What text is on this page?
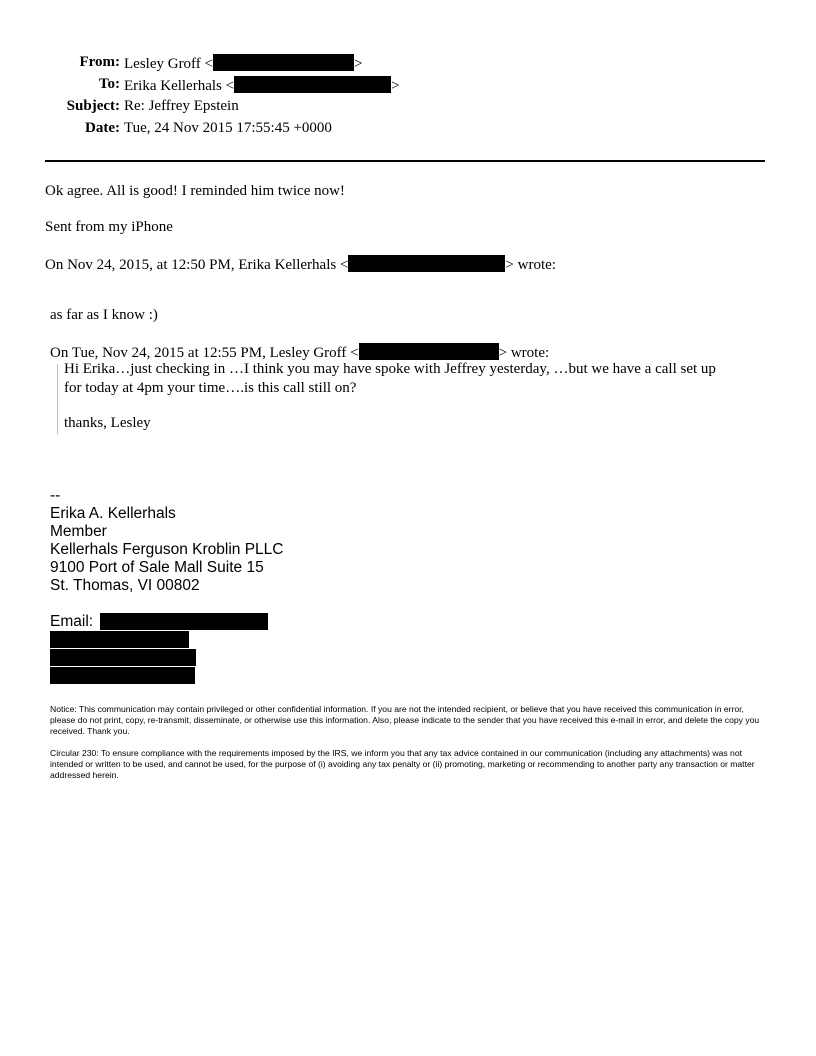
From: Lesley Groff <	>
To: Erika Kellerhals <	>
Subject: Re: Jeffrey Epstein
Date: Tue, 24 Nov 2015 17:55:45 +0000
Ok agree. All is good! I reminded him twice now!
Sent from my iPhone
On Nov 24, 2015, at 12:50 PM, Erika Kellerhals <	> wrote:
as far as I know :)
On Tue, Nov 24, 2015 at 12:55 PM, Lesley Groff <	> wrote:
Hi Erika…just checking in …I think you may have spoke with Jeffrey yesterday, …but we have a call set up
for today at 4pm your time….is this call still on?
thanks, Lesley
--
Erika A. Kellerhals
Member
Kellerhals Ferguson Kroblin PLLC
9100 Port of Sale Mall Suite 15
St. Thomas, VI 00802
Email:
Notice: This communication may contain privileged or other confidential information. If you are not the intended recipient, or believe that you have received this communication in error, please do not print, copy, re-transmit, disseminate, or otherwise use this information. Also, please indicate to the sender that you have received this e-mail in error, and delete the copy you received. Thank you.
Circular 230: To ensure compliance with the requirements imposed by the IRS, we inform you that any tax advice contained in our communication (including any attachments) was not intended or written to be used, and cannot be used, for the purpose of (i) avoiding any tax penalty or (ii) promoting, marketing or recommending to another party any transaction or matter addressed herein.
